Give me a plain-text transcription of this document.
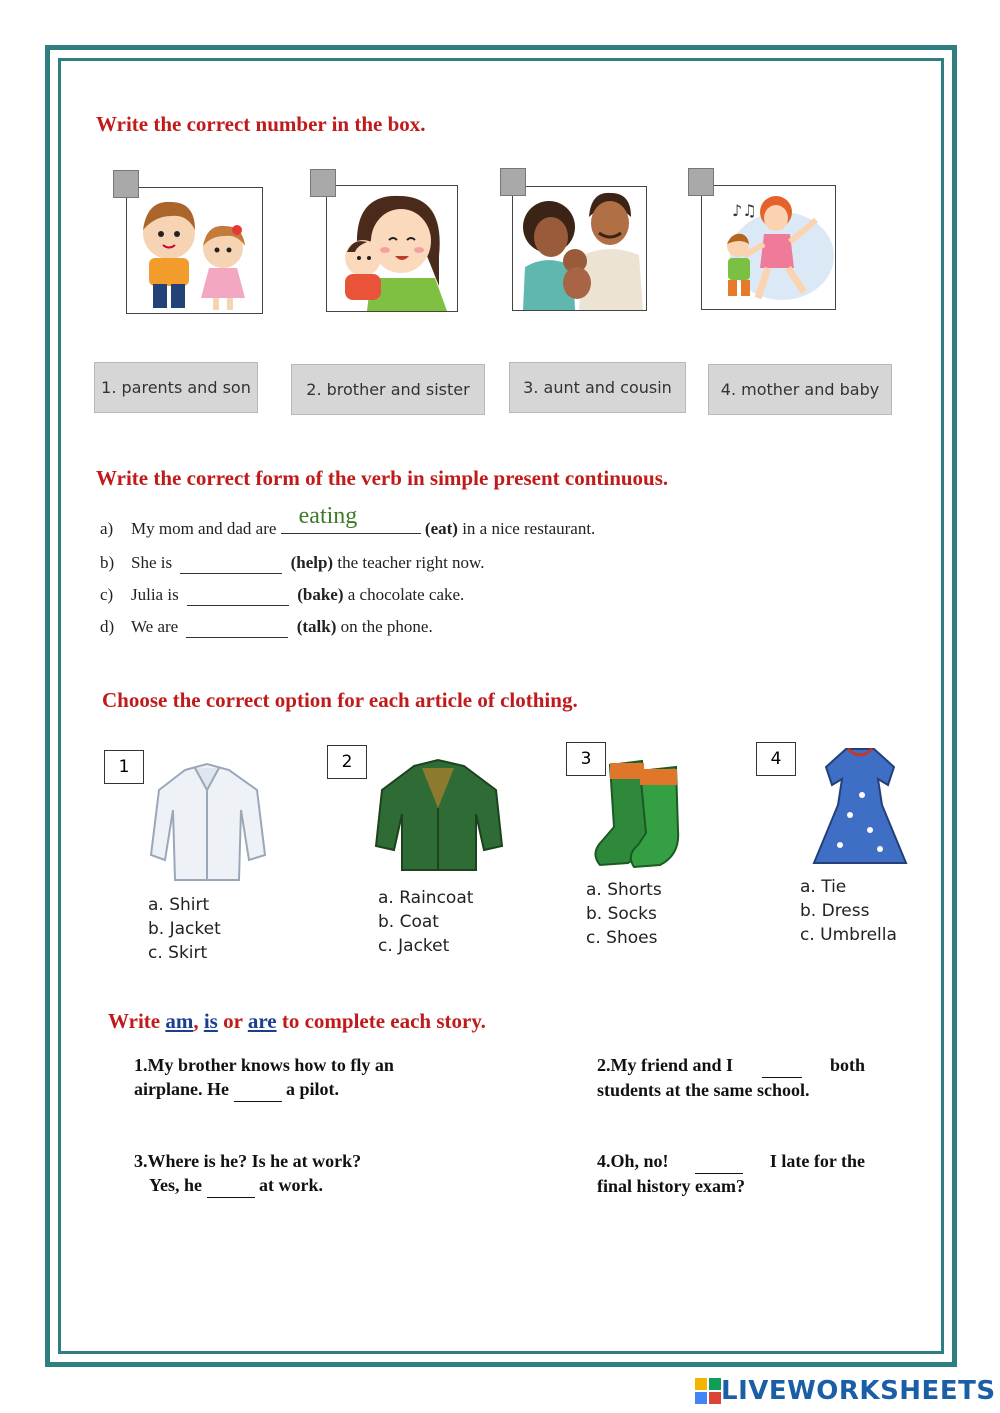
Write the correct number in the box.
♪♫
1. parents and son	2. brother and sister	3. aunt and cousin	4. mother and baby
Write the correct form of the verb in simple present continuous.
a) My mom and dad are eating	(eat) in a nice restaurant.
b) She is	(help) the teacher right now.
c) Julia is	(bake) a chocolate cake.
d) We are	(talk) on the phone.
Choose the correct option for each article of clothing.
1
a. Shirt
b. Jacket
c. Skirt
2
a. Raincoat
b. Coat
c. Jacket
3
a. Shorts
b. Socks
c. Shoes
4
a. Tie
b. Dress
c. Umbrella
Write am, is or are to complete each story.
1.My brother knows how to fly an
airplane. He	a pilot.
2.My friend and I
	both
students at the same school.
3.Where is he? Is he at work?
Yes, he	at work.
4.Oh, no!
	I late for the
final history exam?
LIVEWORKSHEETS
